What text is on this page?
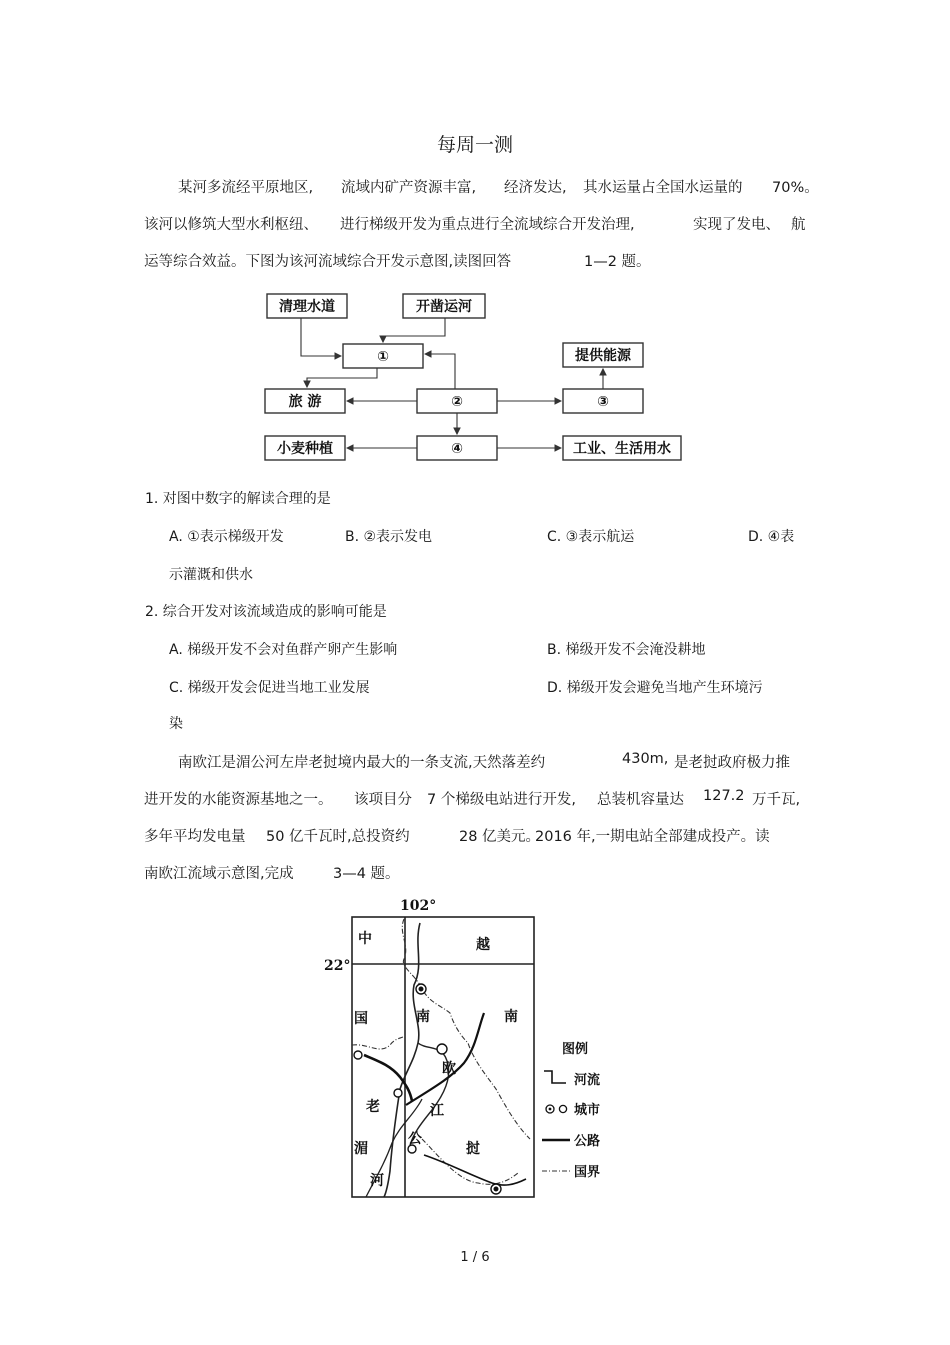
每周一测
某河多流经平原地区, 流域内矿产资源丰富, 经济发达, 其水运量占全国水运量的 70%。
该河以修筑大型水利枢纽、 进行梯级开发为重点进行全流域综合开发治理,	实现了发电、 航
运等综合效益。下图为该河流域综合开发示意图,读图回答	1—2 题。
清理水道	开凿运河
①	提供能源
旅 游	②	③
小麦种植	④	工业、生活用水
1. 对图中数字的解读合理的是
A. ①表示梯级开发	B. ②表示发电	C. ③表示航运	D. ④表
示灌溉和供水
2. 综合开发对该流域造成的影响可能是
A. 梯级开发不会对鱼群产卵产生影响	B. 梯级开发不会淹没耕地
C. 梯级开发会促进当地工业发展	D. 梯级开发会避免当地产生环境污
染
南欧江是湄公河左岸老挝境内最大的一条支流,天然落差约	430m, 是老挝政府极力推
进开发的水能资源基地之一。 该项目分 7 个梯级电站进行开发, 总装机容量达 127.2 万千瓦,
多年平均发电量 50 亿千瓦时,总投资约	28 亿美元。
2016 年,一期电站全部建成投产。读
南欧江流域示意图,完成	3—4 题。
102°
22°
中
国
越
南	南
欧
江
老
挝
湄
公
河
图例
河流
城市
公路
国界
1 / 6
